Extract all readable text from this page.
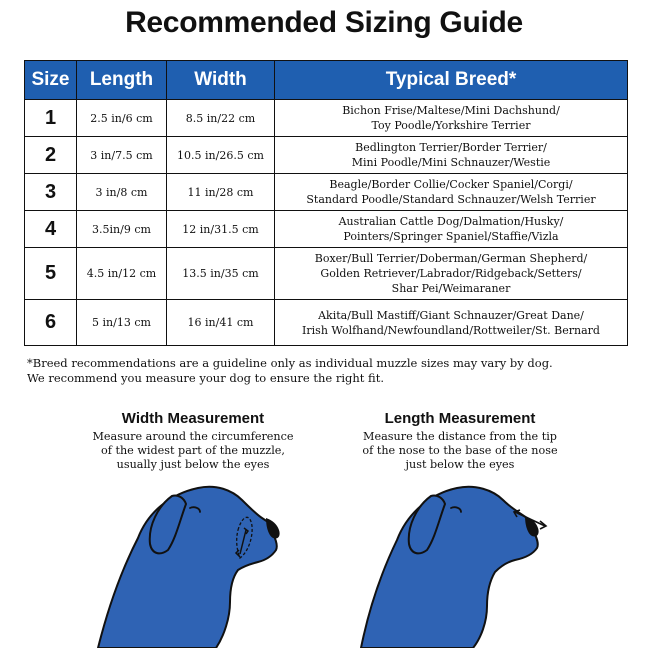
Recommended Sizing Guide
Size	Length	Width	Typical Breed*
1	2.5 in/6 cm	8.5 in/22 cm	Bichon Frise/Maltese/Mini Dachshund/
Toy Poodle/Yorkshire Terrier

2	3 in/7.5 cm	10.5 in/26.5 cm	Bedlington Terrier/Border Terrier/
Mini Poodle/Mini Schnauzer/Westie

3	3 in/8 cm	11 in/28 cm	Beagle/Border Collie/Cocker Spaniel/Corgi/
Standard Poodle/Standard Schnauzer/Welsh Terrier

4	3.5in/9 cm	12 in/31.5 cm	Australian Cattle Dog/Dalmation/Husky/
Pointers/Springer Spaniel/Staffie/Vizla

5	4.5 in/12 cm	13.5 in/35 cm	Boxer/Bull Terrier/Doberman/German Shepherd/
Golden Retriever/Labrador/Ridgeback/Setters/
Shar Pei/Weimaraner

6	5 in/13 cm	16 in/41 cm	Akita/Bull Mastiff/Giant Schnauzer/Great Dane/
Irish Wolfhand/Newfoundland/Rottweiler/St. Bernard
*Breed recommendations are a guideline only as individual muzzle sizes may vary by dog.
We recommend you measure your dog to ensure the right fit.
Width Measurement
Measure around the circumference
of the widest part of the muzzle,
usually just below the eyes
Length Measurement
Measure the distance from the tip
of the nose to the base of the nose
just below the eyes
